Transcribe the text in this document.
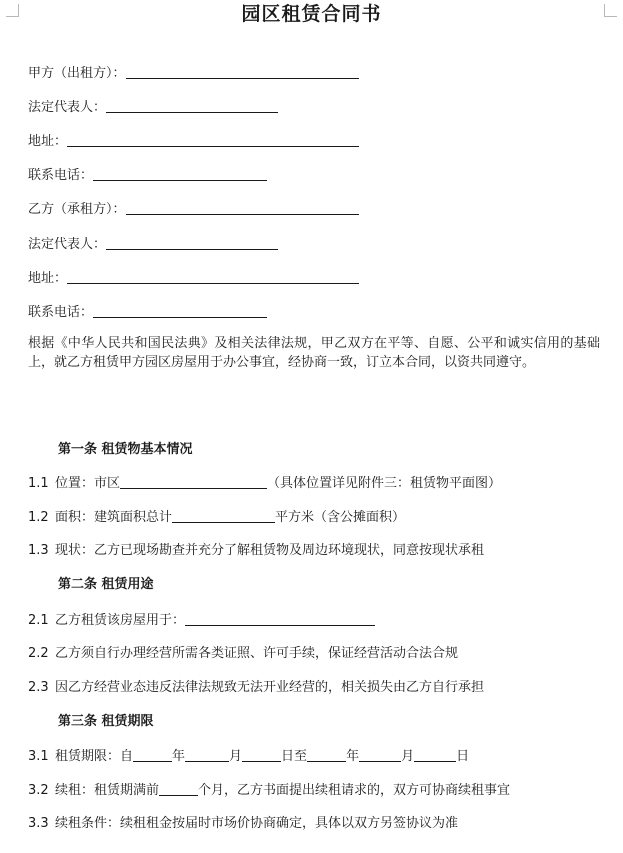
园区租赁合同书
甲方（出租方）：
法定代表人：
地址：
联系电话：
乙方（承租方）：
法定代表人：
地址：
联系电话：
根据《中华人民共和国民法典》及相关法律法规，甲乙双方在平等、自愿、公平和诚实信用的基础上，就乙方租赁甲方园区房屋用于办公事宜，经协商一致，订立本合同，以资共同遵守。
第一条 租赁物基本情况
1.1 位置：市区	（具体位置详见附件三：租赁物平面图）
1.2 面积：建筑面积总计	平方米（含公摊面积）
1.3 现状：乙方已现场勘查并充分了解租赁物及周边环境现状，同意按现状承租
第二条 租赁用途
2.1 乙方租赁该房屋用于：
2.2 乙方须自行办理经营所需各类证照、许可手续，保证经营活动合法合规
2.3 因乙方经营业态违反法律法规致无法开业经营的，相关损失由乙方自行承担
第三条 租赁期限
3.1 租赁期限：自	年	月	日至	年	月	日
3.2 续租：租赁期满前	个月，乙方书面提出续租请求的，双方可协商续租事宜
3.3 续租条件：续租租金按届时市场价协商确定，具体以双方另签协议为准
